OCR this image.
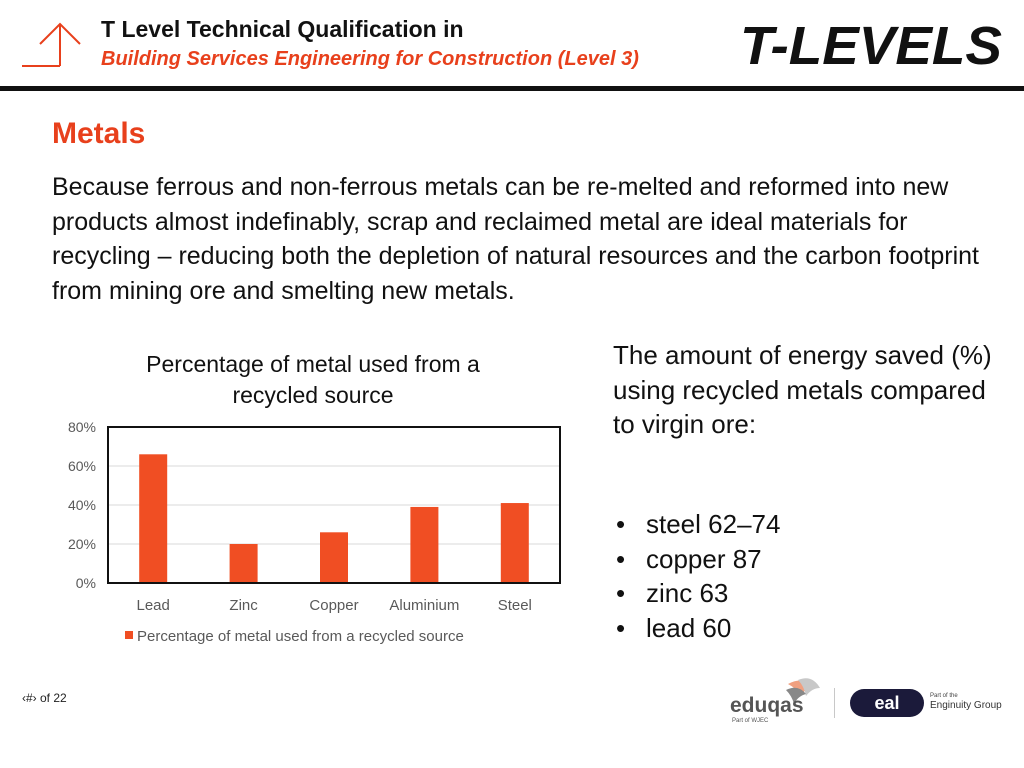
T Level Technical Qualification in
Building Services Engineering for Construction (Level 3) T-LEVELS
Metals
Because ferrous and non-ferrous metals can be re-melted and reformed into new products almost indefinably, scrap and reclaimed metal are ideal materials for recycling – reducing both the depletion of natural resources and the carbon footprint from mining ore and smelting new metals.
Percentage of metal used from a recycled source
0%
20%
40%
60%
80%
Lead	Zinc	Copper Aluminium	Steel
Percentage of metal used from a recycled source
The amount of energy saved (%) using recycled metals compared to virgin ore:
• steel 62–74
• copper 87
• zinc 63
• lead 60
‹#› of 22	eduqas
Part of WJEC
eal	Part of the
Enginuity Group
